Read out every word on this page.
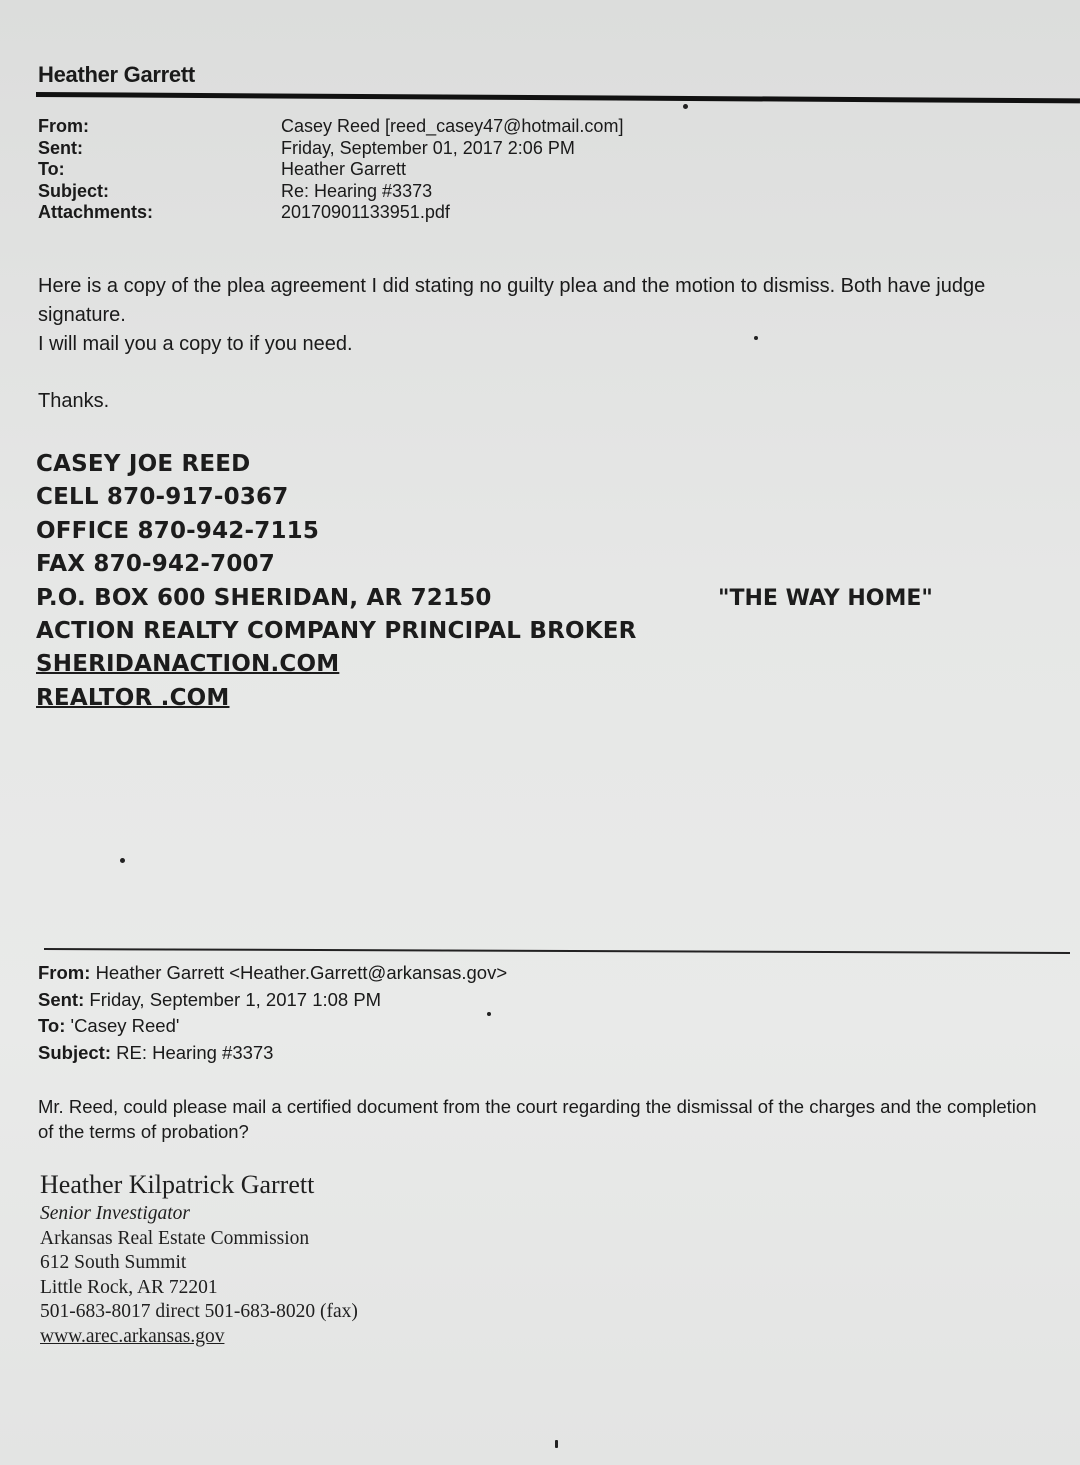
Heather Garrett
From:	Casey Reed [reed_casey47@hotmail.com]
Sent:	Friday, September 01, 2017 2:06 PM
To:	Heather Garrett
Subject:	Re: Hearing #3373
Attachments:	20170901133951.pdf

Here is a copy of the plea agreement I did stating no guilty plea and the motion to dismiss. Both have judge signature.

I will mail you a copy to if you need.

Thanks.
CASEY JOE REED
CELL 870-917-0367
OFFICE 870-942-7115
FAX 870-942-7007
P.O. BOX 600 SHERIDAN, AR 72150
ACTION REALTY COMPANY PRINCIPAL BROKER
SHERIDANACTION.COM
REALTOR .COM
"THE WAY HOME"
From: Heather Garrett <Heather.Garrett@arkansas.gov>
Sent: Friday, September 1, 2017 1:08 PM
To: 'Casey Reed'
Subject: RE: Hearing #3373
Mr. Reed, could please mail a certified document from the court regarding the dismissal of the charges and the completion of the terms of probation?
Heather Kilpatrick Garrett
Senior Investigator
Arkansas Real Estate Commission
612 South Summit
Little Rock, AR 72201
501-683-8017 direct 501-683-8020 (fax)
www.arec.arkansas.gov
